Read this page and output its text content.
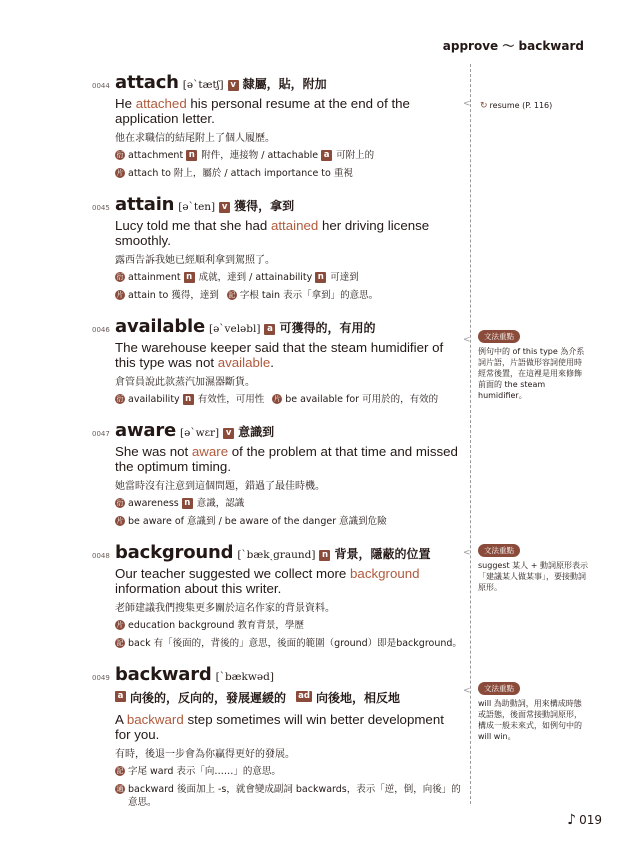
approve ～ backward
0044 attach [əˋtætʃ] v 隸屬，貼，附加
He attached his personal resume at the end of the application letter.
他在求職信的結尾附上了個人履歷。
衍 attachment n 附件，連接物 / attachable a 可附上的
片 attach to 附上，屬於 / attach importance to 重視
0045 attain [əˋten] v 獲得，拿到
Lucy told me that she had attained her driving license smoothly.
露西告訴我她已經順利拿到駕照了。
衍 attainment n 成就，達到 / attainability n 可達到
片 attain to 獲得，達到 記 字根 tain 表示「拿到」的意思。
0046 available [əˋveləbl] a 可獲得的，有用的
The warehouse keeper said that the steam humidifier of this type was not available.
倉管員說此款蒸汽加濕器斷貨。
衍 availability n 有效性，可用性 片 be available for 可用於的，有效的
0047 aware [əˋwɛr] v 意識到
She was not aware of the problem at that time and missed the optimum timing.
她當時沒有注意到這個問題，錯過了最佳時機。
衍 awareness n 意識，認識
片 be aware of 意識到 / be aware of the danger 意識到危險
0048 background [ˋbækˏgraund] n 背景，隱蔽的位置
Our teacher suggested we collect more background information about this writer.
老師建議我們搜集更多關於這名作家的背景資料。
片 education background 教育背景，學歷
記 back 有「後面的，背後的」意思，後面的範圍（ground）即是background。
0049 backward [ˋbækwəd]
a 向後的，反向的，發展遲緩的 ad 向後地，相反地
A backward step sometimes will win better development for you.
有時，後退一步會為你贏得更好的發展。
記 字尾 ward 表示「向……」的意思。
通 backward 後面加上 -s，就會變成副詞 backwards，表示「逆，倒，向後」的意思。
< ↻ resume (P. 116)
<	文法重點
例句中的 of this type 為介系詞片語，片語做形容詞使用時經常後置，在這裡是用來修飾前面的 the steam humidifier。
<	文法重點
suggest 某人 + 動詞原形表示「建議某人做某事」，要接動詞原形。
<	文法重點
will 為助動詞，用來構成時態或語態，後面常接動詞原形，構成一般未來式，如例句中的 will win。
♪ 019
